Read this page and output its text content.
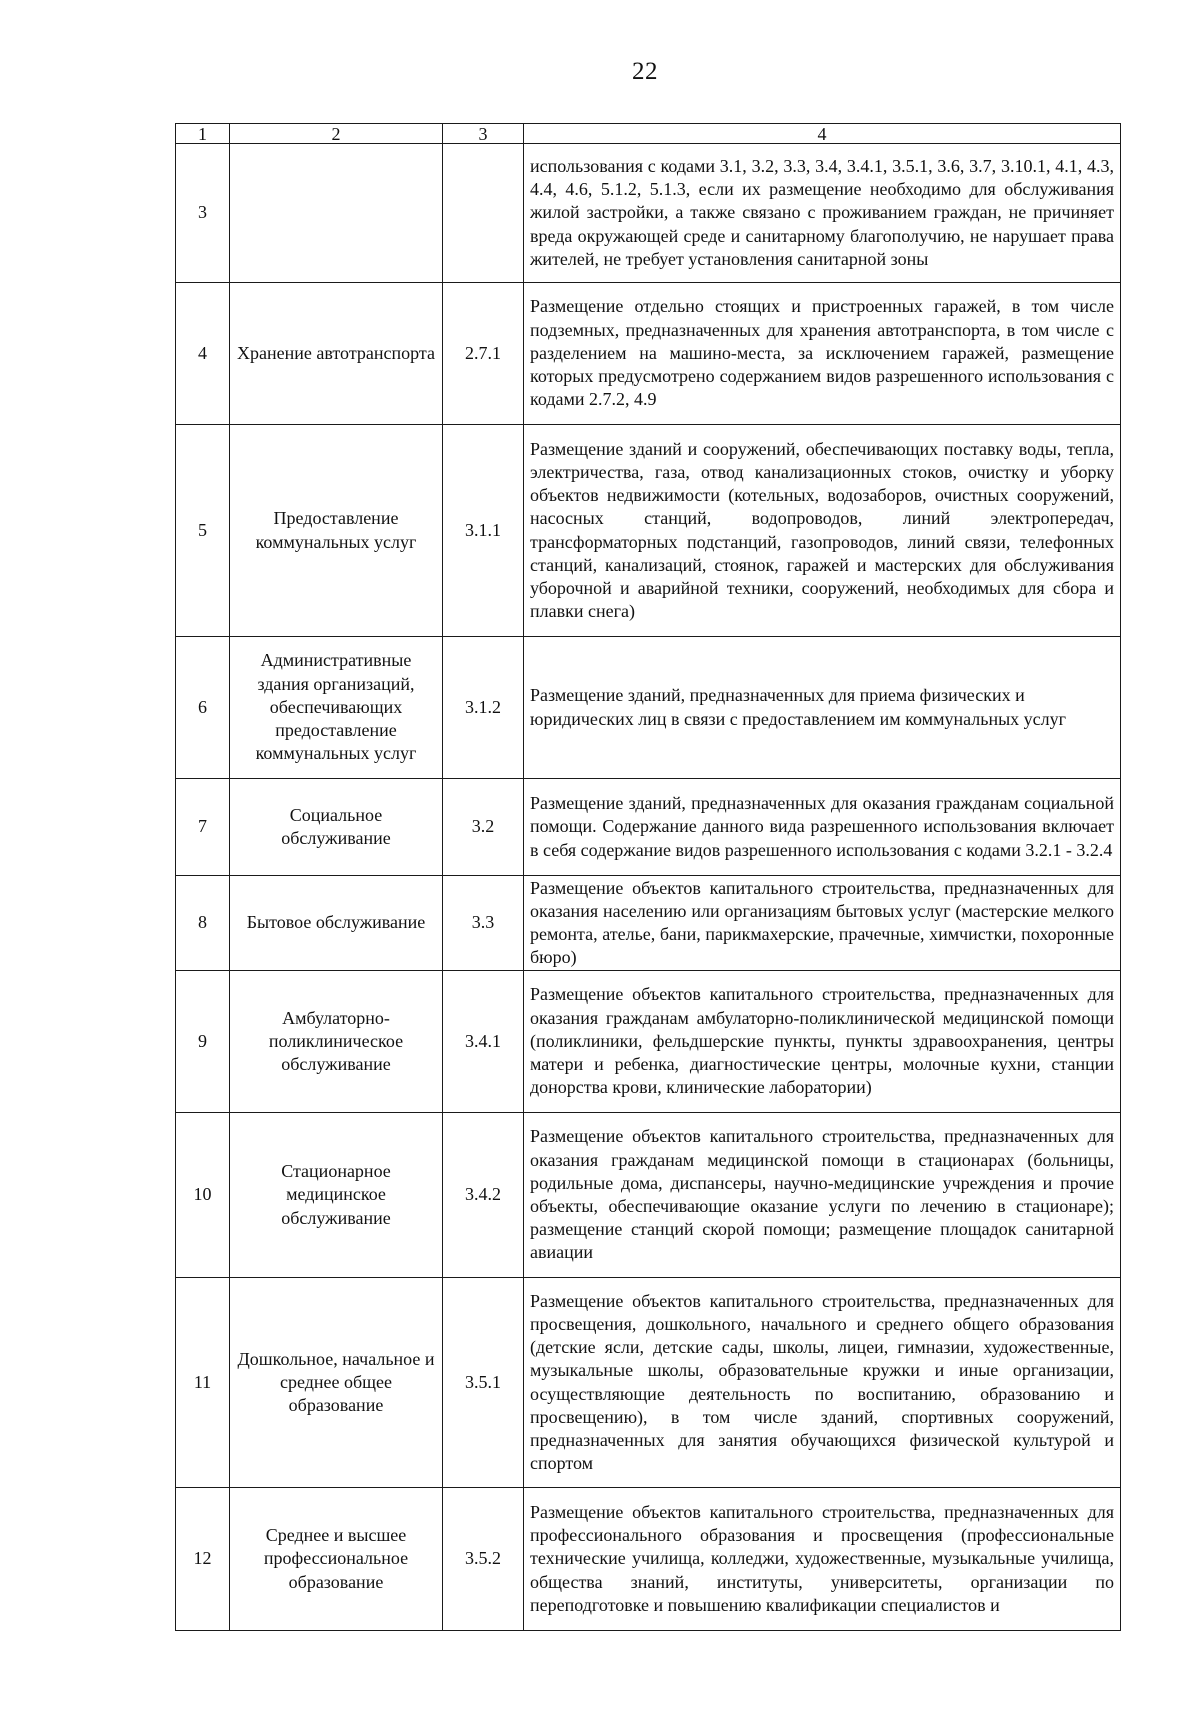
22
1	2	3	4
3			использования с кодами 3.1, 3.2, 3.3, 3.4, 3.4.1, 3.5.1, 3.6, 3.7, 3.10.1, 4.1, 4.3, 4.4, 4.6, 5.1.2, 5.1.3, если их размещение необходимо для обслуживания жилой застройки, а также связано с проживанием граждан, не причиняет вреда окружающей среде и санитарному благополучию, не нарушает права жителей, не требует установления санитарной зоны
4	Хранение автотранспорта	2.7.1	Размещение отдельно стоящих и пристроенных гаражей, в том числе подземных, предназначенных для хранения автотранспорта, в том числе с разделением на машино-места, за исключением гаражей, размещение которых предусмотрено содержанием видов разрешенного использования с кодами 2.7.2, 4.9
5	Предоставление коммунальных услуг	3.1.1	Размещение зданий и сооружений, обеспечивающих поставку воды, тепла, электричества, газа, отвод канализационных стоков, очистку и уборку объектов недвижимости (котельных, водозаборов, очистных сооружений, насосных станций, водопроводов, линий электропередач, трансформаторных подстанций, газопроводов, линий связи, телефонных станций, канализаций, стоянок, гаражей и мастерских для обслуживания уборочной и аварийной техники, сооружений, необходимых для сбора и плавки снега)
6	Административные здания организаций, обеспечивающих предоставление коммунальных услуг	3.1.2	Размещение зданий, предназначенных для приема физических и юридических лиц в связи с предоставлением им коммунальных услуг
7	Социальное обслуживание	3.2	Размещение зданий, предназначенных для оказания гражданам социальной помощи. Содержание данного вида разрешенного использования включает в себя содержание видов разрешенного использования с кодами 3.2.1 - 3.2.4
8	Бытовое обслуживание	3.3	Размещение объектов капитального строительства, предназначенных для оказания населению или организациям бытовых услуг (мастерские мелкого ремонта, ателье, бани, парикмахерские, прачечные, химчистки, похоронные бюро)
9	Амбулаторно-поликлиническое обслуживание	3.4.1	Размещение объектов капитального строительства, предназначенных для оказания гражданам амбулаторно-поликлинической медицинской помощи (поликлиники, фельдшерские пункты, пункты здравоохранения, центры матери и ребенка, диагностические центры, молочные кухни, станции донорства крови, клинические лаборатории)
10	Стационарное медицинское обслуживание	3.4.2	Размещение объектов капитального строительства, предназначенных для оказания гражданам медицинской помощи в стационарах (больницы, родильные дома, диспансеры, научно-медицинские учреждения и прочие объекты, обеспечивающие оказание услуги по лечению в стационаре); размещение станций скорой помощи; размещение площадок санитарной авиации
11	Дошкольное, начальное и среднее общее образование	3.5.1	Размещение объектов капитального строительства, предназначенных для просвещения, дошкольного, начального и среднего общего образования (детские ясли, детские сады, школы, лицеи, гимназии, художественные, музыкальные школы, образовательные кружки и иные организации, осуществляющие деятельность по воспитанию, образованию и просвещению), в том числе зданий, спортивных сооружений, предназначенных для занятия обучающихся физической культурой и спортом
12	Среднее и высшее профессиональное образование	3.5.2	Размещение объектов капитального строительства, предназначенных для профессионального образования и просвещения (профессиональные технические училища, колледжи, художественные, музыкальные училища, общества знаний, институты, университеты, организации по переподготовке и повышению квалификации специалистов и
